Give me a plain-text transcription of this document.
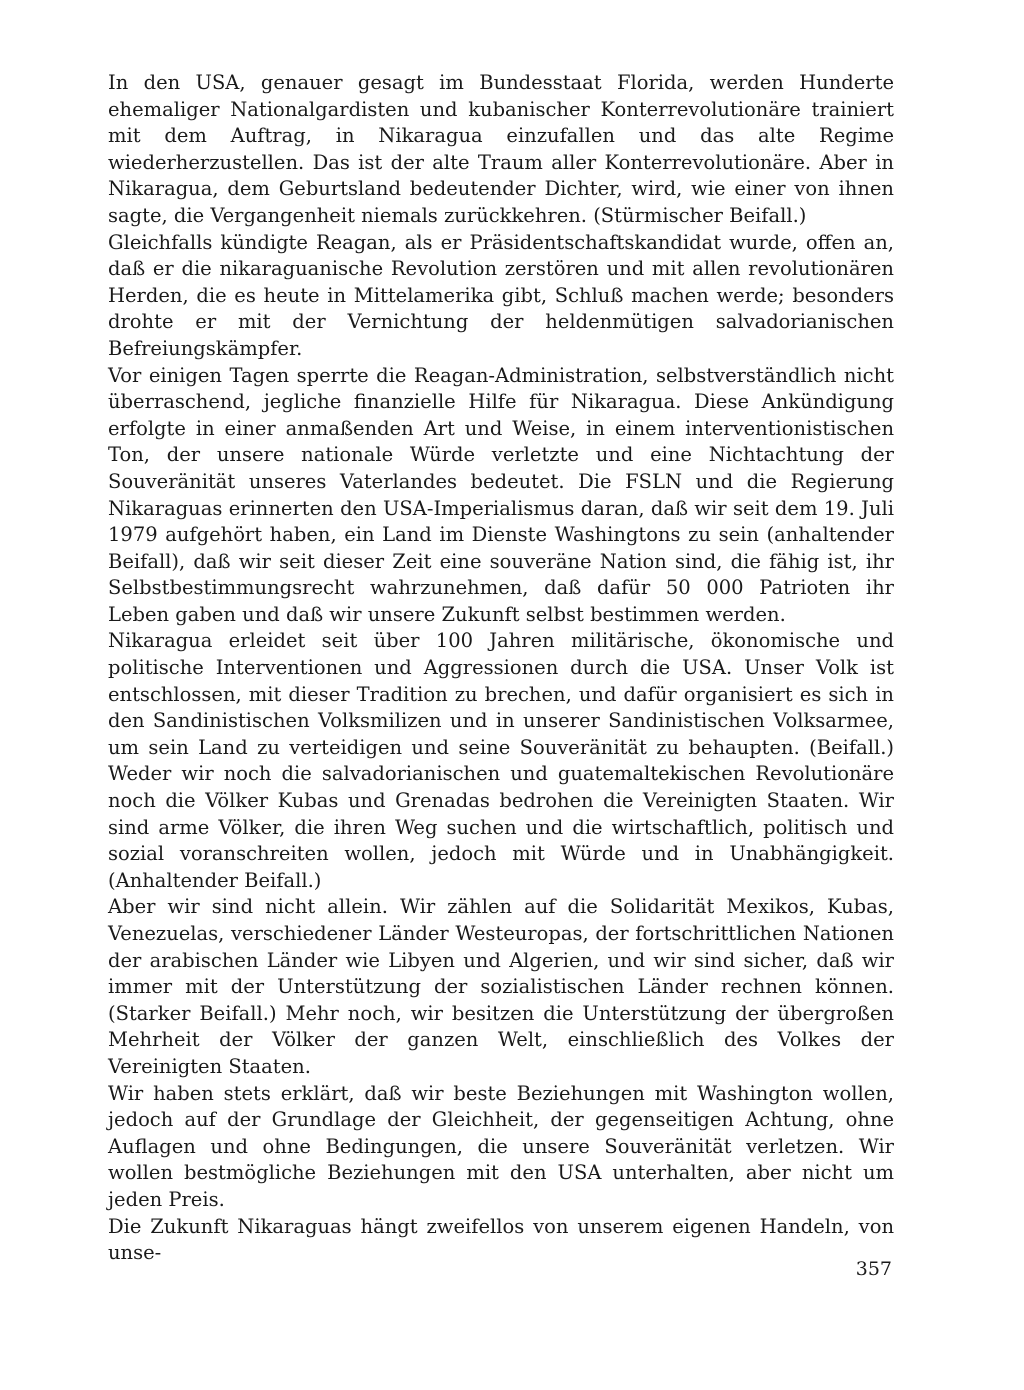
In den USA, genauer gesagt im Bundesstaat Florida, werden Hunderte ehemaliger Nationalgardisten und kubanischer Konterrevolutionäre trainiert mit dem Auftrag, in Nikaragua einzufallen und das alte Regime wiederherzustellen. Das ist der alte Traum aller Konterrevolutionäre. Aber in Nikaragua, dem Geburtsland bedeutender Dichter, wird, wie einer von ihnen sagte, die Vergangenheit niemals zurückkehren. (Stürmischer Beifall.)

Gleichfalls kündigte Reagan, als er Präsidentschaftskandidat wurde, offen an, daß er die nikaraguanische Revolution zerstören und mit allen revolutionären Herden, die es heute in Mittelamerika gibt, Schluß machen werde; besonders drohte er mit der Vernichtung der heldenmütigen salvadorianischen Befreiungskämpfer.

Vor einigen Tagen sperrte die Reagan-Administration, selbstverständlich nicht überraschend, jegliche finanzielle Hilfe für Nikaragua. Diese Ankündigung erfolgte in einer anmaßenden Art und Weise, in einem interventionistischen Ton, der unsere nationale Würde verletzte und eine Nichtachtung der Souveränität unseres Vaterlandes bedeutet. Die FSLN und die Regierung Nikaraguas erinnerten den USA-Imperialismus daran, daß wir seit dem 19. Juli 1979 aufgehört haben, ein Land im Dienste Washingtons zu sein (anhaltender Beifall), daß wir seit dieser Zeit eine souveräne Nation sind, die fähig ist, ihr Selbstbestimmungsrecht wahrzunehmen, daß dafür 50 000 Patrioten ihr Leben gaben und daß wir unsere Zukunft selbst bestimmen werden.

Nikaragua erleidet seit über 100 Jahren militärische, ökonomische und politische Interventionen und Aggressionen durch die USA. Unser Volk ist entschlossen, mit dieser Tradition zu brechen, und dafür organisiert es sich in den Sandinistischen Volksmilizen und in unserer Sandinistischen Volksarmee, um sein Land zu verteidigen und seine Souveränität zu behaupten. (Beifall.) Weder wir noch die salvadorianischen und guatemaltekischen Revolutionäre noch die Völker Kubas und Grenadas bedrohen die Vereinigten Staaten. Wir sind arme Völker, die ihren Weg suchen und die wirtschaftlich, politisch und sozial voranschreiten wollen, jedoch mit Würde und in Unabhängigkeit. (Anhaltender Beifall.)

Aber wir sind nicht allein. Wir zählen auf die Solidarität Mexikos, Kubas, Venezuelas, verschiedener Länder Westeuropas, der fortschrittlichen Nationen der arabischen Länder wie Libyen und Algerien, und wir sind sicher, daß wir immer mit der Unterstützung der sozialistischen Länder rechnen können. (Starker Beifall.) Mehr noch, wir besitzen die Unterstützung der übergroßen Mehrheit der Völker der ganzen Welt, einschließlich des Volkes der Vereinigten Staaten.

Wir haben stets erklärt, daß wir beste Beziehungen mit Washington wollen, jedoch auf der Grundlage der Gleichheit, der gegenseitigen Achtung, ohne Auflagen und ohne Bedingungen, die unsere Souveränität verletzen. Wir wollen bestmögliche Beziehungen mit den USA unterhalten, aber nicht um jeden Preis.

Die Zukunft Nikaraguas hängt zweifellos von unserem eigenen Handeln, von unse-

357
